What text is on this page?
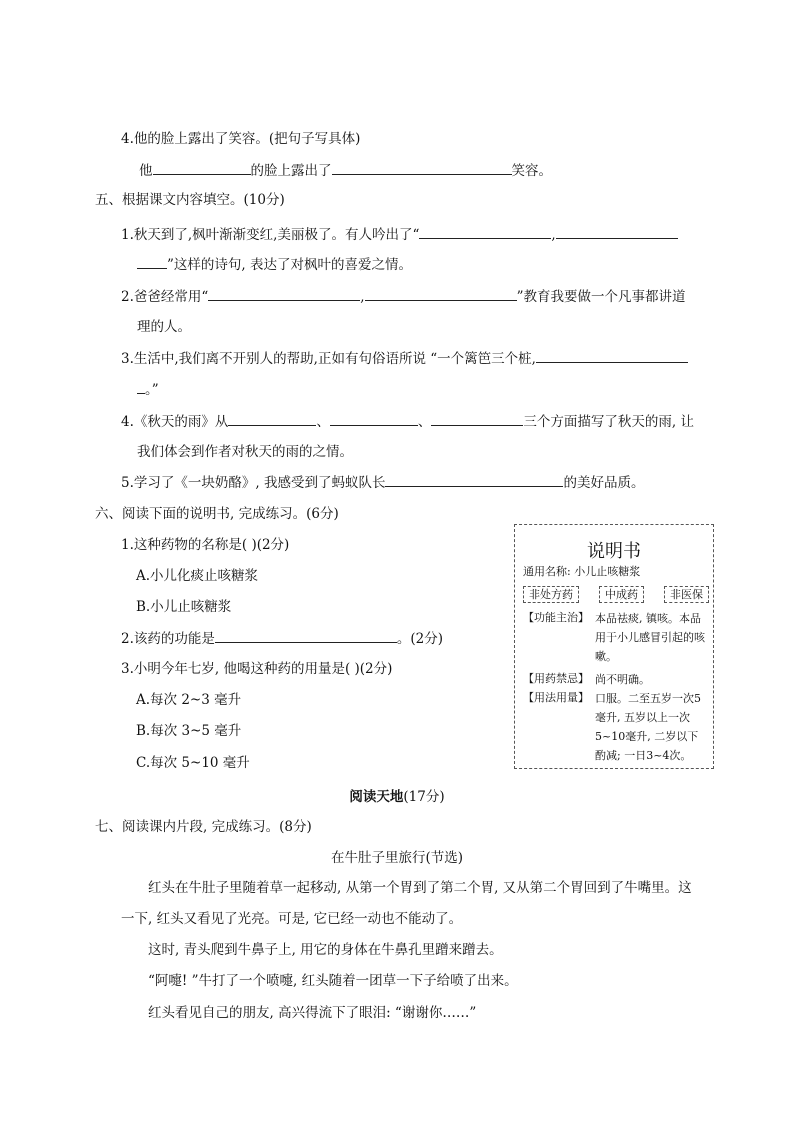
4.他的脸上露出了笑容。(把句子写具体)
他	的脸上露出了	笑容。
五、根据课文内容填空。(10分)
1.秋天到了,枫叶渐渐变红,美丽极了。有人吟出了“	,
”这样的诗句, 表达了对枫叶的喜爱之情。
2.爸爸经常用“	,	”教育我要做一个凡事都讲道
理的人。
3.生活中,我们离不开别人的帮助,正如有句俗语所说 “一个篱笆三个桩,
。”
4.《秋天的雨》从	、	、	三个方面描写了秋天的雨, 让
我们体会到作者对秋天的雨的之情。
5.学习了《一块奶酪》, 我感受到了蚂蚁队长	的美好品质。
六、阅读下面的说明书, 完成练习。(6分)
1.这种药物的名称是( )(2分)
A.小儿化痰止咳糖浆
B.小儿止咳糖浆
2.该药的功能是	。(2分)
3.小明今年七岁, 他喝这种药的用量是( )(2分)
A.每次 2~3 毫升
B.每次 3~5 毫升
C.每次 5~10 毫升
说明书
通用名称: 小儿止咳糖浆
非处方药	中成药	非医保
【功能主治】 本品祛痰, 镇咳。本品用于小儿感冒引起的咳嗽。
【用药禁忌】 尚不明确。
【用法用量】 口服。二至五岁一次5毫升, 五岁以上一次5~10毫升, 二岁以下酌减; 一日3~4次。
阅读天地(17分)
七、阅读课内片段, 完成练习。(8分)
在牛肚子里旅行(节选)
红头在牛肚子里随着草一起移动, 从第一个胃到了第二个胃, 又从第二个胃回到了牛嘴里。这
一下, 红头又看见了光亮。可是, 它已经一动也不能动了。
这时, 青头爬到牛鼻子上, 用它的身体在牛鼻孔里蹭来蹭去。
“阿嚏! ”牛打了一个喷嚏, 红头随着一团草一下子给喷了出来。
红头看见自己的朋友, 高兴得流下了眼泪: “谢谢你……”
